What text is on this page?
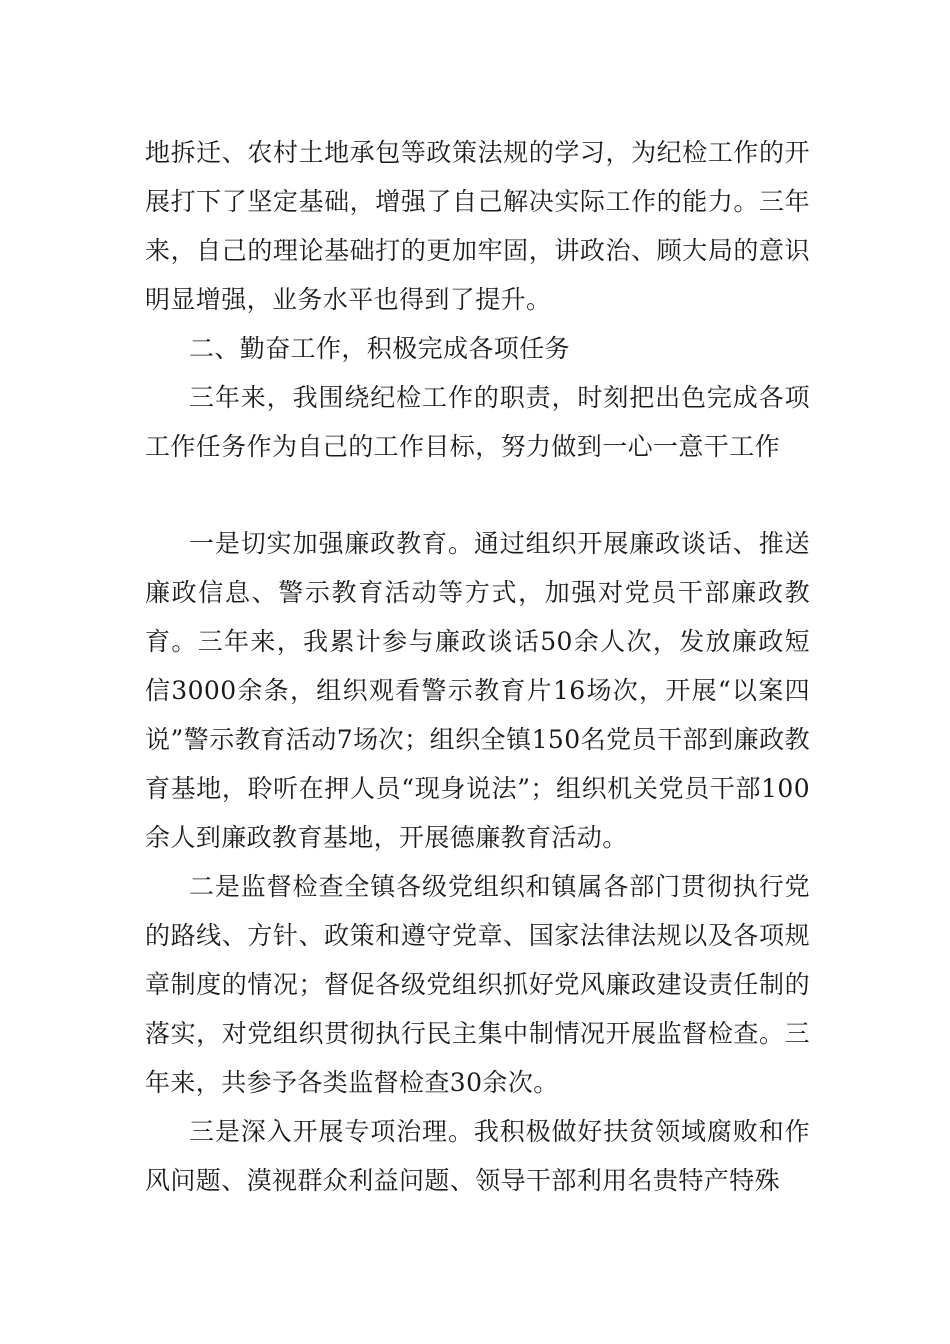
地拆迁、农村土地承包等政策法规的学习，为纪检工作的开展打下了坚定基础，增强了自己解决实际工作的能力。三年来，自己的理论基础打的更加牢固，讲政治、顾大局的意识明显增强，业务水平也得到了提升。

二、勤奋工作，积极完成各项任务

三年来，我围绕纪检工作的职责，时刻把出色完成各项工作任务作为自己的工作目标，努力做到一心一意干工作

一是切实加强廉政教育。通过组织开展廉政谈话、推送廉政信息、警示教育活动等方式，加强对党员干部廉政教育。三年来，我累计参与廉政谈话50余人次，发放廉政短信3000余条，组织观看警示教育片16场次，开展“以案四说”警示教育活动7场次；组织全镇150名党员干部到廉政教育基地，聆听在押人员“现身说法”；组织机关党员干部100余人到廉政教育基地，开展德廉教育活动。

二是监督检查全镇各级党组织和镇属各部门贯彻执行党的路线、方针、政策和遵守党章、国家法律法规以及各项规章制度的情况；督促各级党组织抓好党风廉政建设责任制的落实，对党组织贯彻执行民主集中制情况开展监督检查。三年来，共参予各类监督检查30余次。

三是深入开展专项治理。我积极做好扶贫领域腐败和作风问题、漠视群众利益问题、领导干部利用名贵特产特殊
